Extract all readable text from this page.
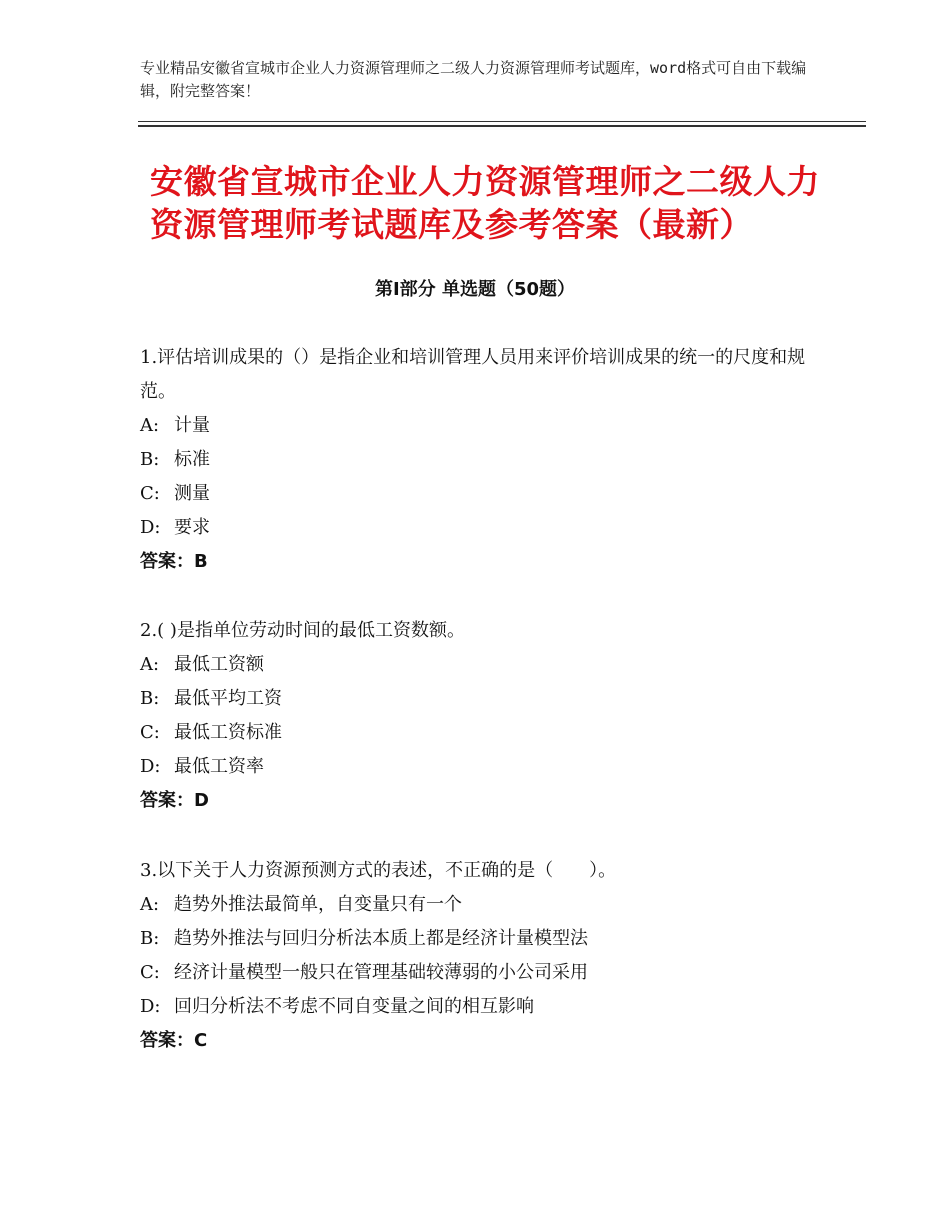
专业精品安徽省宣城市企业人力资源管理师之二级人力资源管理师考试题库，word格式可自由下载编辑，附完整答案！
安徽省宣城市企业人力资源管理师之二级人力资源管理师考试题库及参考答案（最新）
第Ⅰ部分 单选题（50题）

1.评估培训成果的（）是指企业和培训管理人员用来评价培训成果的统一的尺度和规范。

A: 计量

B: 标准

C: 测量

D: 要求

答案：B

2.( )是指单位劳动时间的最低工资数额。

A: 最低工资额

B: 最低平均工资

C: 最低工资标准

D: 最低工资率

答案：D

3.以下关于人力资源预测方式的表述，不正确的是（　　）。

A: 趋势外推法最简单，自变量只有一个

B: 趋势外推法与回归分析法本质上都是经济计量模型法

C: 经济计量模型一般只在管理基础较薄弱的小公司采用

D: 回归分析法不考虑不同自变量之间的相互影响

答案：C
